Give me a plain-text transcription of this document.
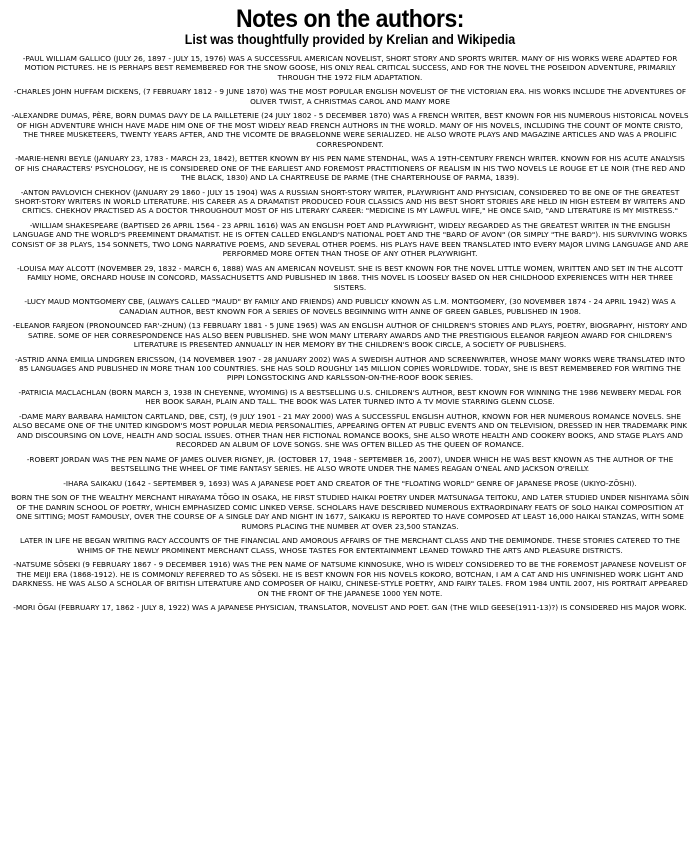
Notes on the authors:
List was thoughtfully provided by Krelian and Wikipedia

-PAUL WILLIAM GALLICO (JULY 26, 1897 - JULY 15, 1976) WAS A SUCCESSFUL AMERICAN NOVELIST, SHORT STORY AND SPORTS WRITER. MANY OF HIS WORKS WERE ADAPTED FOR MOTION PICTURES. HE IS PERHAPS BEST REMEMBERED FOR THE SNOW GOOSE, HIS ONLY REAL CRITICAL SUCCESS, AND FOR THE NOVEL THE POSEIDON ADVENTURE, PRIMARILY THROUGH THE 1972 FILM ADAPTATION.

-CHARLES JOHN HUFFAM DICKENS, (7 FEBRUARY 1812 - 9 JUNE 1870) WAS THE MOST POPULAR ENGLISH NOVELIST OF THE VICTORIAN ERA. HIS WORKS INCLUDE THE ADVENTURES OF OLIVER TWIST, A CHRISTMAS CAROL AND MANY MORE

-ALEXANDRE DUMAS, PÈRE, BORN DUMAS DAVY DE LA PAILLETERIE (24 JULY 1802 - 5 DECEMBER 1870) WAS A FRENCH WRITER, BEST KNOWN FOR HIS NUMEROUS HISTORICAL NOVELS OF HIGH ADVENTURE WHICH HAVE MADE HIM ONE OF THE MOST WIDELY READ FRENCH AUTHORS IN THE WORLD. MANY OF HIS NOVELS, INCLUDING THE COUNT OF MONTE CRISTO, THE THREE MUSKETEERS, TWENTY YEARS AFTER, AND THE VICOMTE DE BRAGELONNE WERE SERIALIZED. HE ALSO WROTE PLAYS AND MAGAZINE ARTICLES AND WAS A PROLIFIC CORRESPONDENT.

-MARIE-HENRI BEYLE (JANUARY 23, 1783 - MARCH 23, 1842), BETTER KNOWN BY HIS PEN NAME STENDHAL, WAS A 19TH-CENTURY FRENCH WRITER. KNOWN FOR HIS ACUTE ANALYSIS OF HIS CHARACTERS' PSYCHOLOGY, HE IS CONSIDERED ONE OF THE EARLIEST AND FOREMOST PRACTITIONERS OF REALISM IN HIS TWO NOVELS LE ROUGE ET LE NOIR (THE RED AND THE BLACK, 1830) AND LA CHARTREUSE DE PARME (THE CHARTERHOUSE OF PARMA, 1839).

-ANTON PAVLOVICH CHEKHOV (JANUARY 29 1860 - JULY 15 1904) WAS A RUSSIAN SHORT-STORY WRITER, PLAYWRIGHT AND PHYSICIAN, CONSIDERED TO BE ONE OF THE GREATEST SHORT-STORY WRITERS IN WORLD LITERATURE. HIS CAREER AS A DRAMATIST PRODUCED FOUR CLASSICS AND HIS BEST SHORT STORIES ARE HELD IN HIGH ESTEEM BY WRITERS AND CRITICS. CHEKHOV PRACTISED AS A DOCTOR THROUGHOUT MOST OF HIS LITERARY CAREER: "MEDICINE IS MY LAWFUL WIFE," HE ONCE SAID, "AND LITERATURE IS MY MISTRESS."

-WILLIAM SHAKESPEARE (BAPTISED 26 APRIL 1564 - 23 APRIL 1616) WAS AN ENGLISH POET AND PLAYWRIGHT, WIDELY REGARDED AS THE GREATEST WRITER IN THE ENGLISH LANGUAGE AND THE WORLD'S PREEMINENT DRAMATIST. HE IS OFTEN CALLED ENGLAND'S NATIONAL POET AND THE "BARD OF AVON" (OR SIMPLY "THE BARD"). HIS SURVIVING WORKS CONSIST OF 38 PLAYS, 154 SONNETS, TWO LONG NARRATIVE POEMS, AND SEVERAL OTHER POEMS. HIS PLAYS HAVE BEEN TRANSLATED INTO EVERY MAJOR LIVING LANGUAGE AND ARE PERFORMED MORE OFTEN THAN THOSE OF ANY OTHER PLAYWRIGHT.

-LOUISA MAY ALCOTT (NOVEMBER 29, 1832 - MARCH 6, 1888) WAS AN AMERICAN NOVELIST. SHE IS BEST KNOWN FOR THE NOVEL LITTLE WOMEN, WRITTEN AND SET IN THE ALCOTT FAMILY HOME, ORCHARD HOUSE IN CONCORD, MASSACHUSETTS AND PUBLISHED IN 1868. THIS NOVEL IS LOOSELY BASED ON HER CHILDHOOD EXPERIENCES WITH HER THREE SISTERS.

-LUCY MAUD MONTGOMERY CBE, (ALWAYS CALLED "MAUD" BY FAMILY AND FRIENDS) AND PUBLICLY KNOWN AS L.M. MONTGOMERY, (30 NOVEMBER 1874 - 24 APRIL 1942) WAS A CANADIAN AUTHOR, BEST KNOWN FOR A SERIES OF NOVELS BEGINNING WITH ANNE OF GREEN GABLES, PUBLISHED IN 1908.

-ELEANOR FARJEON (PRONOUNCED FAR'-ZHUN) (13 FEBRUARY 1881 - 5 JUNE 1965) WAS AN ENGLISH AUTHOR OF CHILDREN'S STORIES AND PLAYS, POETRY, BIOGRAPHY, HISTORY AND SATIRE. SOME OF HER CORRESPONDENCE HAS ALSO BEEN PUBLISHED. SHE WON MANY LITERARY AWARDS AND THE PRESTIGIOUS ELEANOR FARJEON AWARD FOR CHILDREN'S LITERATURE IS PRESENTED ANNUALLY IN HER MEMORY BY THE CHILDREN'S BOOK CIRCLE, A SOCIETY OF PUBLISHERS.

-ASTRID ANNA EMILIA LINDGREN ERICSSON, (14 NOVEMBER 1907 - 28 JANUARY 2002) WAS A SWEDISH AUTHOR AND SCREENWRITER, WHOSE MANY WORKS WERE TRANSLATED INTO 85 LANGUAGES AND PUBLISHED IN MORE THAN 100 COUNTRIES. SHE HAS SOLD ROUGHLY 145 MILLION COPIES WORLDWIDE. TODAY, SHE IS BEST REMEMBERED FOR WRITING THE PIPPI LONGSTOCKING AND KARLSSON-ON-THE-ROOF BOOK SERIES.

-PATRICIA MACLACHLAN (BORN MARCH 3, 1938 IN CHEYENNE, WYOMING) IS A BESTSELLING U.S. CHILDREN'S AUTHOR, BEST KNOWN FOR WINNING THE 1986 NEWBERY MEDAL FOR HER BOOK SARAH, PLAIN AND TALL. THE BOOK WAS LATER TURNED INTO A TV MOVIE STARRING GLENN CLOSE.

-DAME MARY BARBARA HAMILTON CARTLAND, DBE, CSTJ, (9 JULY 1901 - 21 MAY 2000) WAS A SUCCESSFUL ENGLISH AUTHOR, KNOWN FOR HER NUMEROUS ROMANCE NOVELS. SHE ALSO BECAME ONE OF THE UNITED KINGDOM'S MOST POPULAR MEDIA PERSONALITIES, APPEARING OFTEN AT PUBLIC EVENTS AND ON TELEVISION, DRESSED IN HER TRADEMARK PINK AND DISCOURSING ON LOVE, HEALTH AND SOCIAL ISSUES. OTHER THAN HER FICTIONAL ROMANCE BOOKS, SHE ALSO WROTE HEALTH AND COOKERY BOOKS, AND STAGE PLAYS AND RECORDED AN ALBUM OF LOVE SONGS. SHE WAS OFTEN BILLED AS THE QUEEN OF ROMANCE.

-ROBERT JORDAN WAS THE PEN NAME OF JAMES OLIVER RIGNEY, JR. (OCTOBER 17, 1948 - SEPTEMBER 16, 2007), UNDER WHICH HE WAS BEST KNOWN AS THE AUTHOR OF THE BESTSELLING THE WHEEL OF TIME FANTASY SERIES. HE ALSO WROTE UNDER THE NAMES REAGAN O'NEAL AND JACKSON O'REILLY.

-IHARA SAIKAKU (1642 - SEPTEMBER 9, 1693) WAS A JAPANESE POET AND CREATOR OF THE "FLOATING WORLD" GENRE OF JAPANESE PROSE (UKIYO-ZŌSHI).

BORN THE SON OF THE WEALTHY MERCHANT HIRAYAMA TŌGO IN OSAKA, HE FIRST STUDIED HAIKAI POETRY UNDER MATSUNAGA TEITOKU, AND LATER STUDIED UNDER NISHIYAMA SŌIN OF THE DANRIN SCHOOL OF POETRY, WHICH EMPHASIZED COMIC LINKED VERSE. SCHOLARS HAVE DESCRIBED NUMEROUS EXTRAORDINARY FEATS OF SOLO HAIKAI COMPOSITION AT ONE SITTING; MOST FAMOUSLY, OVER THE COURSE OF A SINGLE DAY AND NIGHT IN 1677, SAIKAKU IS REPORTED TO HAVE COMPOSED AT LEAST 16,000 HAIKAI STANZAS, WITH SOME RUMORS PLACING THE NUMBER AT OVER 23,500 STANZAS.

LATER IN LIFE HE BEGAN WRITING RACY ACCOUNTS OF THE FINANCIAL AND AMOROUS AFFAIRS OF THE MERCHANT CLASS AND THE DEMIMONDE. THESE STORIES CATERED TO THE WHIMS OF THE NEWLY PROMINENT MERCHANT CLASS, WHOSE TASTES FOR ENTERTAINMENT LEANED TOWARD THE ARTS AND PLEASURE DISTRICTS.

-NATSUME SŌSEKI (9 FEBRUARY 1867 - 9 DECEMBER 1916) WAS THE PEN NAME OF NATSUME KINNOSUKE, WHO IS WIDELY CONSIDERED TO BE THE FOREMOST JAPANESE NOVELIST OF THE MEIJI ERA (1868-1912). HE IS COMMONLY REFERRED TO AS SŌSEKI. HE IS BEST KNOWN FOR HIS NOVELS KOKORO, BOTCHAN, I AM A CAT AND HIS UNFINISHED WORK LIGHT AND DARKNESS. HE WAS ALSO A SCHOLAR OF BRITISH LITERATURE AND COMPOSER OF HAIKU, CHINESE-STYLE POETRY, AND FAIRY TALES. FROM 1984 UNTIL 2007, HIS PORTRAIT APPEARED ON THE FRONT OF THE JAPANESE 1000 YEN NOTE.

-MORI ŌGAI (FEBRUARY 17, 1862 - JULY 8, 1922) WAS A JAPANESE PHYSICIAN, TRANSLATOR, NOVELIST AND POET. GAN (THE WILD GEESE(1911-13)?) IS CONSIDERED HIS MAJOR WORK.
